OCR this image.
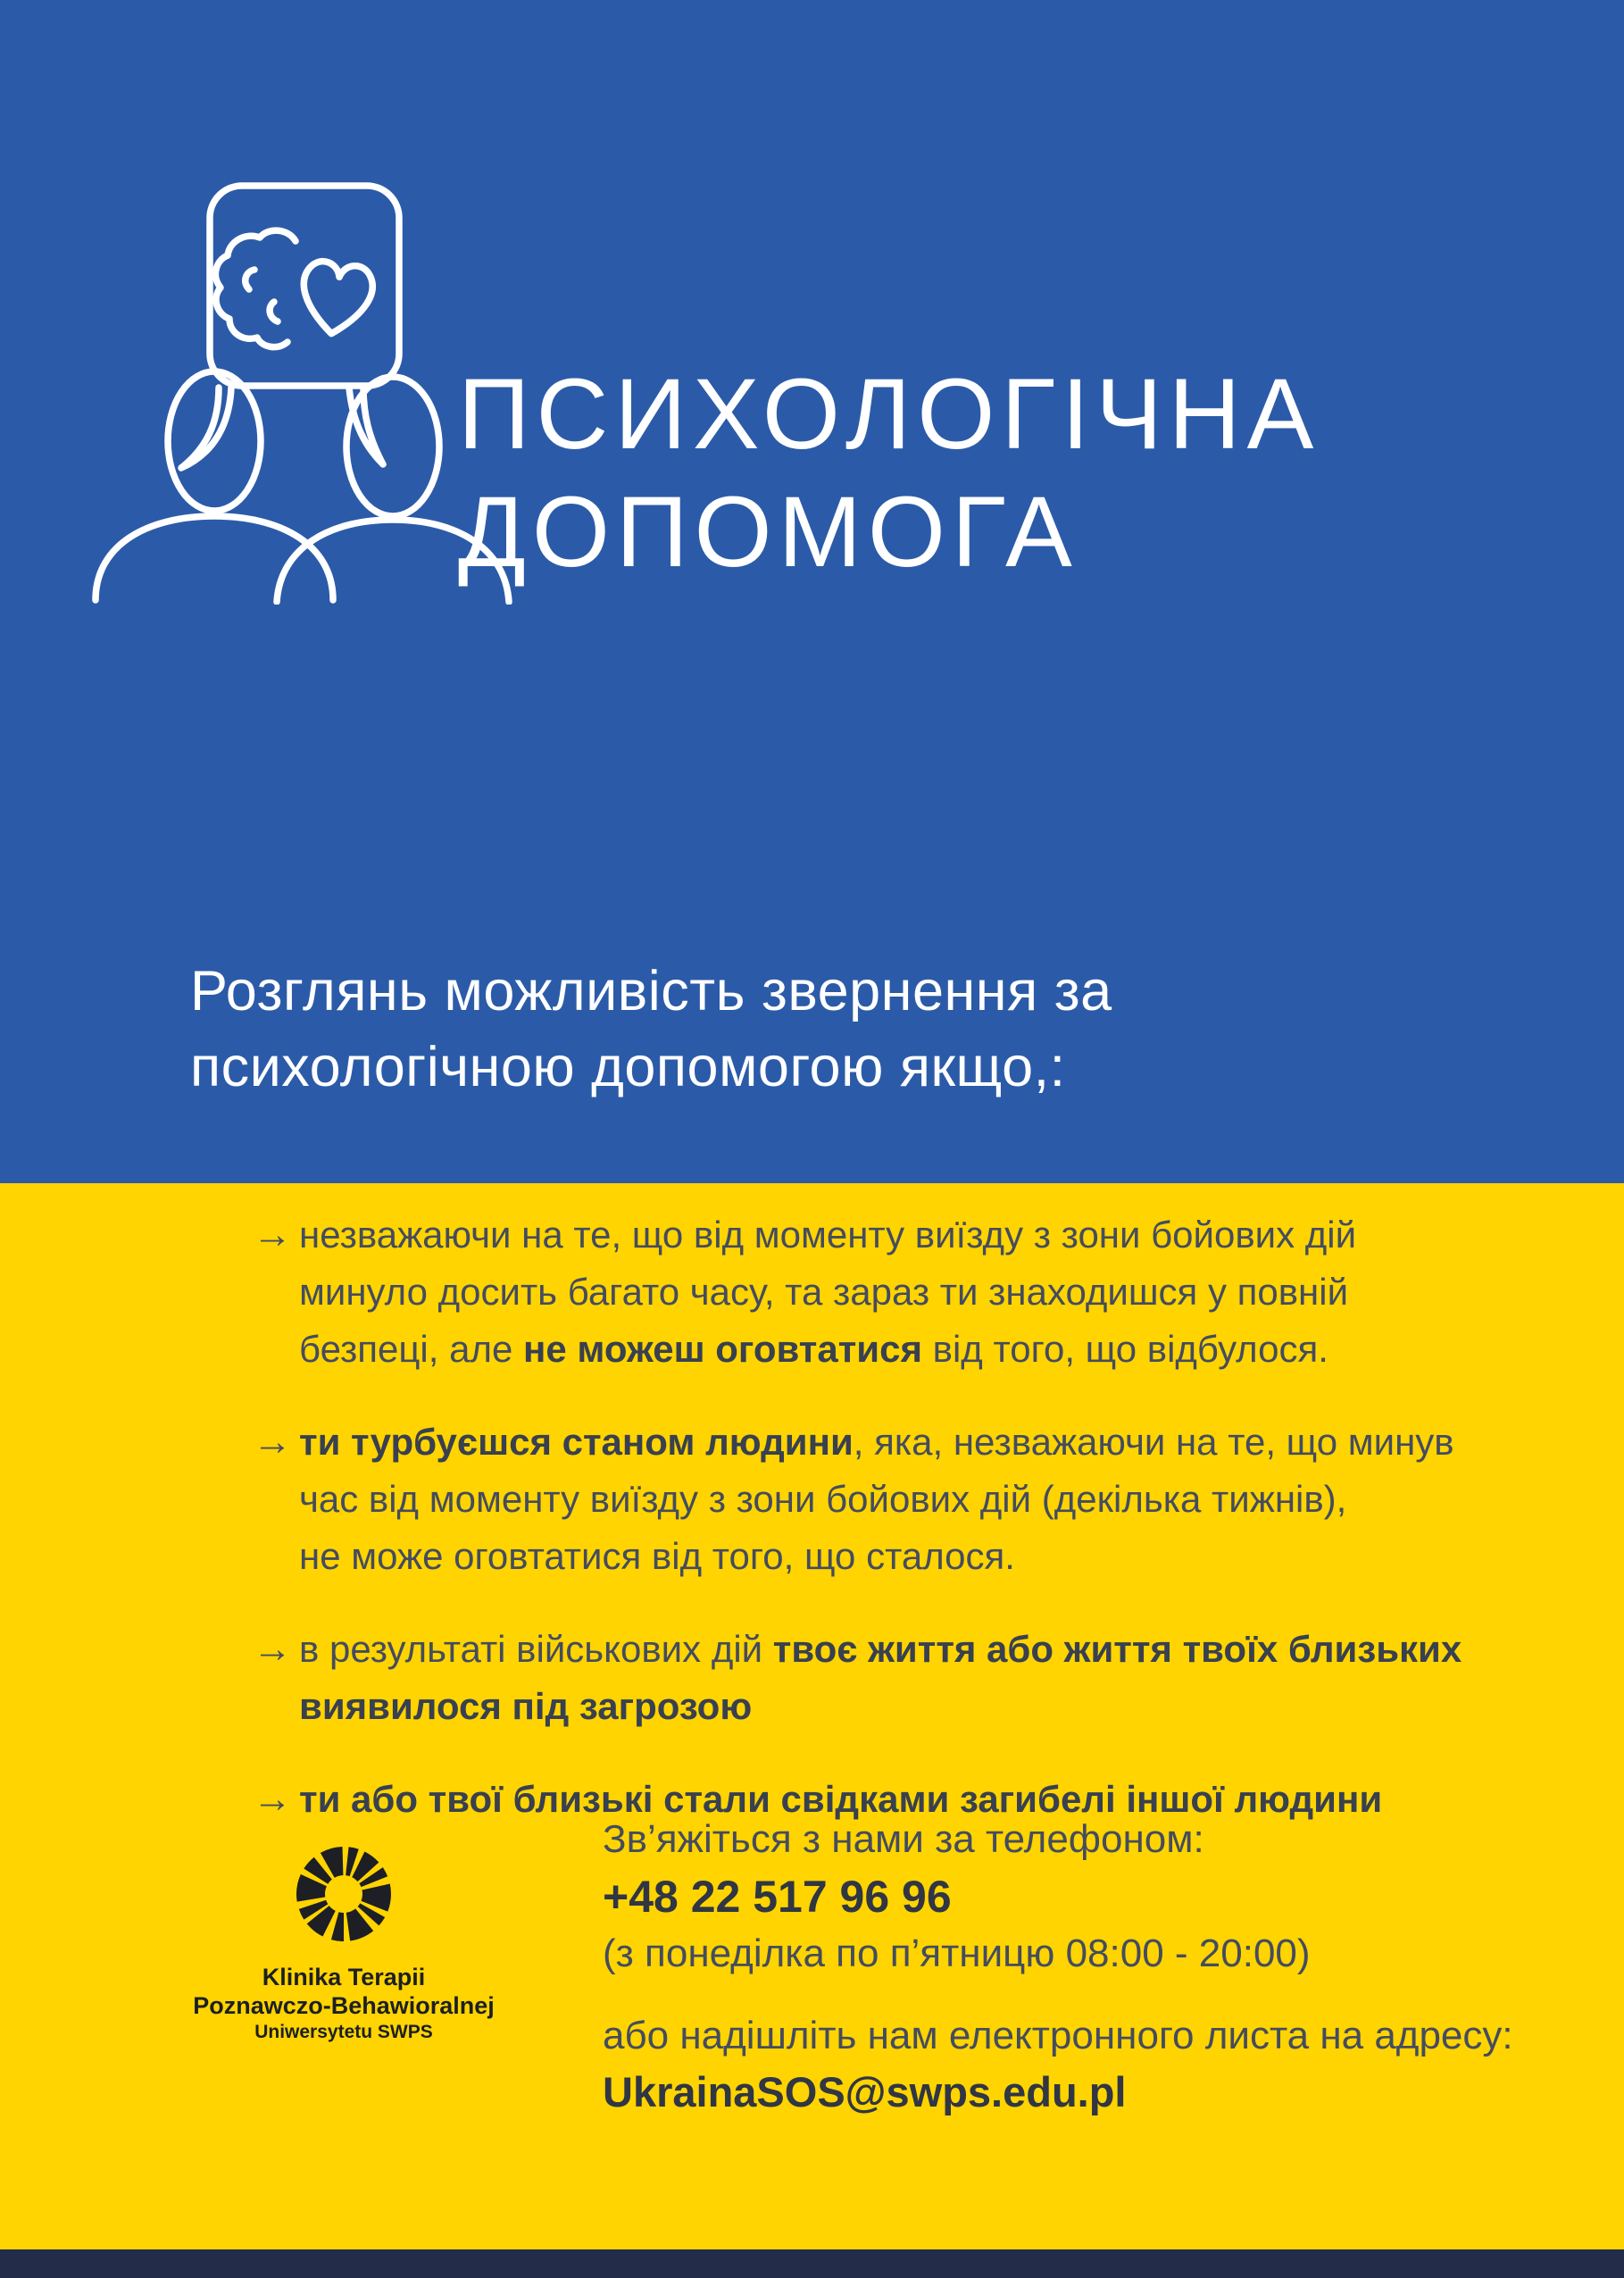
ПСИХОЛОГІЧНА
ДОПОМОГА
Розглянь можливість звернення за
психологічною допомогою якщо,:
→ незважаючи на те, що від моменту виїзду з зони бойових дій
минуло досить багато часу, та зараз ти знаходишся у повній
безпеці, але не можеш оговтатися від того, що відбулося.
→ ти турбуєшся станом людини, яка, незважаючи на те, що минув
час від моменту виїзду з зони бойових дій (декілька тижнів),
не може оговтатися від того, що сталося.
→ в результаті військових дій твоє життя або життя твоїх близьких
виявилося під загрозою
→ ти або твої близькі стали свідками загибелі іншої людини
Klinika Terapii
Poznawczo-Behawioralnej
Uniwersytetu SWPS
Зв’яжіться з нами за телефоном:
+48 22 517 96 96
(з понеділка по п’ятницю 08:00 - 20:00)
або надішліть нам електронного листа на адресу:
UkrainaSOS@swps.edu.pl
